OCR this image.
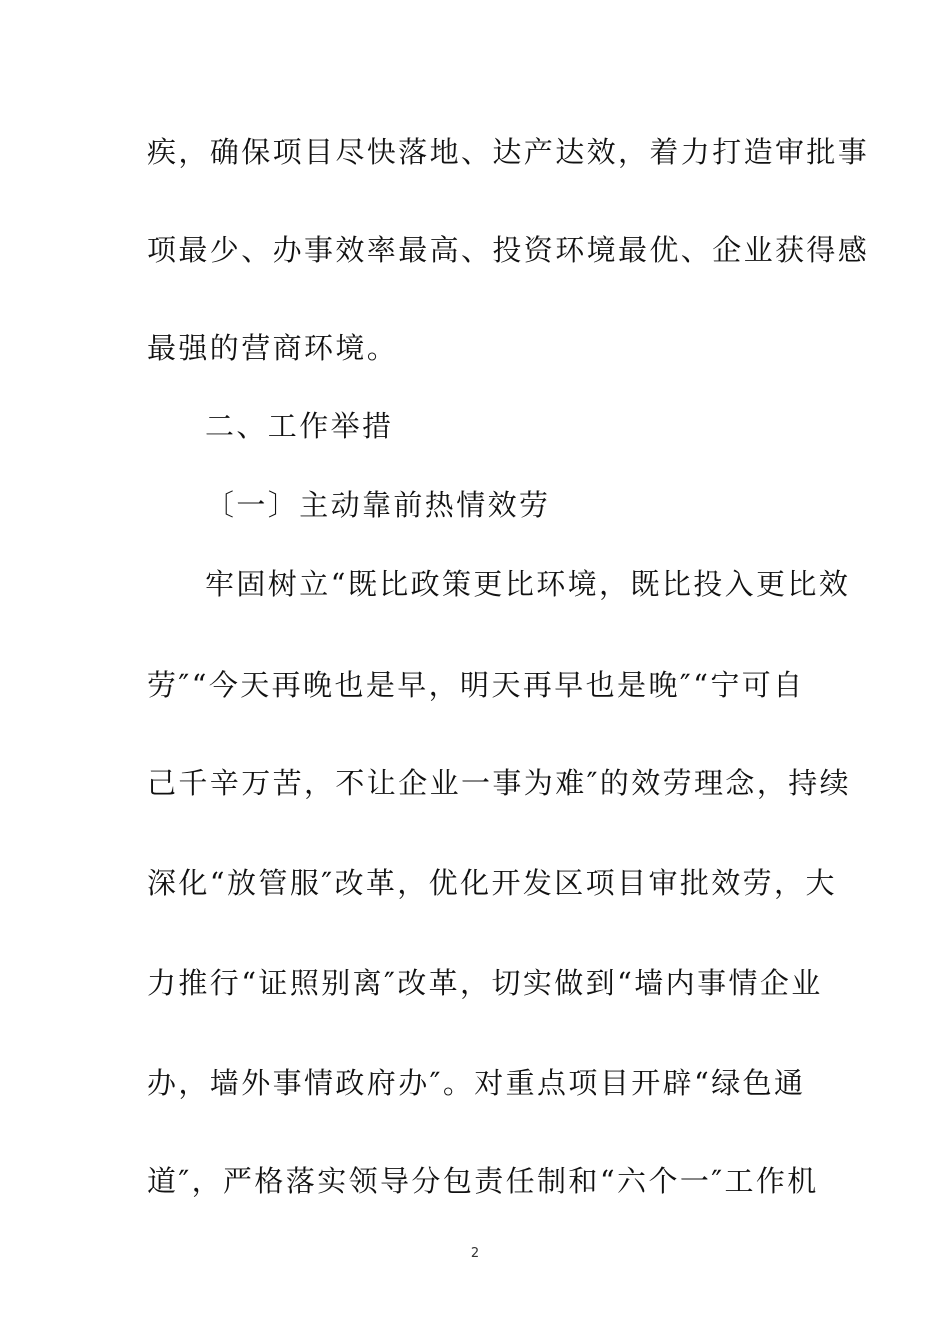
疾，确保项目尽快落地、达产达效，着力打造审批事
项最少、办事效率最高、投资环境最优、企业获得感
最强的营商环境。
二、工作举措
〔一〕主动靠前热情效劳
牢固树立“既比政策更比环境，既比投入更比效
劳″“今天再晚也是早，明天再早也是晚″“宁可自
己千辛万苦，不让企业一事为难″的效劳理念，持续
深化“放管服″改革，优化开发区项目审批效劳，大
力推行“证照别离″改革，切实做到“墙内事情企业
办，墙外事情政府办″。对重点项目开辟“绿色通
道″，严格落实领导分包责任制和“六个一″工作机
2
